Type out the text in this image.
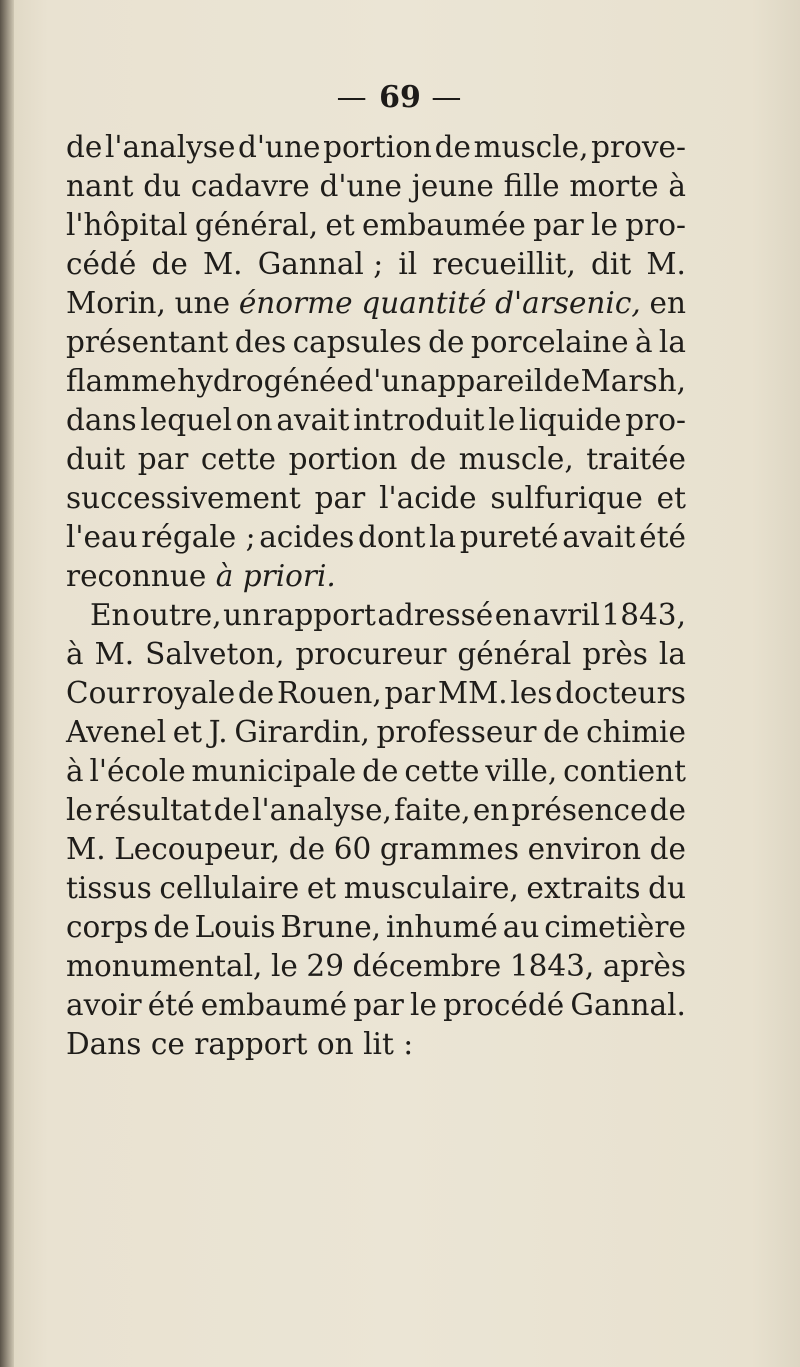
— 69 —
de l'analyse d'une portion de muscle, prove-
nant du cadavre d'une jeune fille morte à
l'hôpital général, et embaumée par le pro-
cédé de M. Gannal ; il recueillit, dit M.
Morin, une énorme quantité d'arsenic, en
présentant des capsules de porcelaine à la
flamme hydrogénée d'un appareil de Marsh,
dans lequel on avait introduit le liquide pro-
duit par cette portion de muscle, traitée
successivement par l'acide sulfurique et
l'eau régale ; acides dont la pureté avait été
reconnue à priori.
En outre, un rapport adressé en avril 1843,
à M. Salveton, procureur général près la
Cour royale de Rouen, par MM. les docteurs
Avenel et J. Girardin, professeur de chimie
à l'école municipale de cette ville, contient
le résultat de l'analyse, faite, en présence de
M. Lecoupeur, de 60 grammes environ de
tissus cellulaire et musculaire, extraits du
corps de Louis Brune, inhumé au cimetière
monumental, le 29 décembre 1843, après
avoir été embaumé par le procédé Gannal.
Dans ce rapport on lit :
